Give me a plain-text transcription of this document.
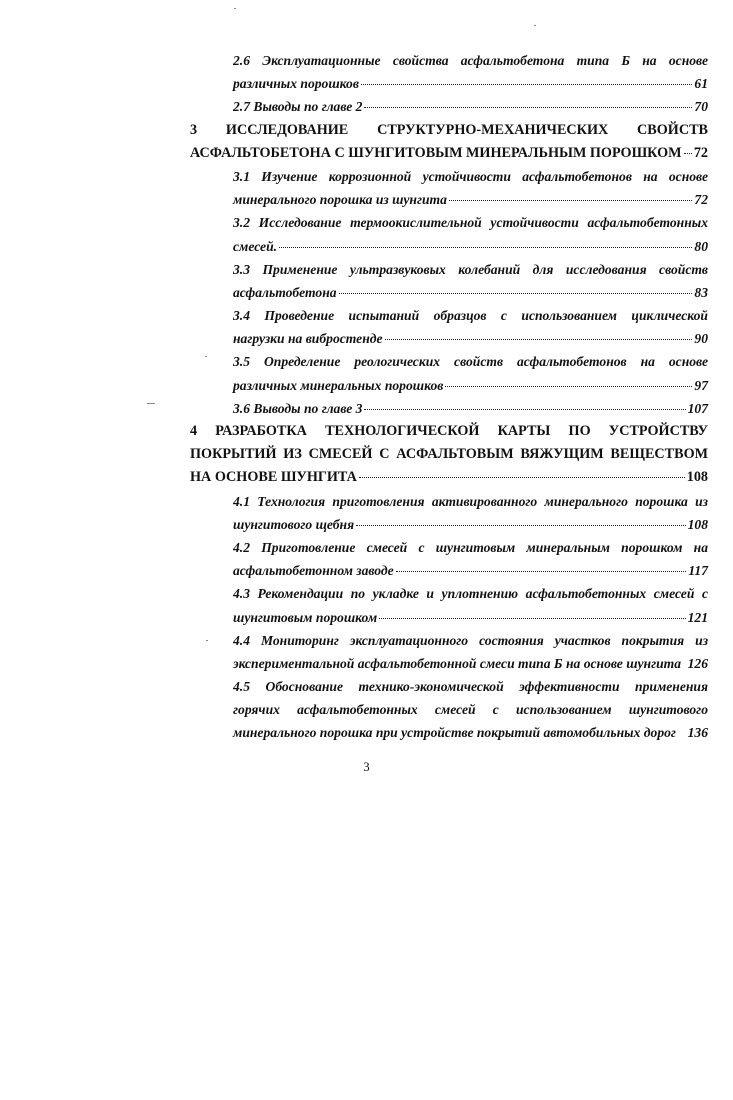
2.6 Эксплуатационные свойства асфальтобетона типа Б на основе
различных порошков	61
2.7 Выводы по главе 2	70
3 ИССЛЕДОВАНИЕ СТРУКТУРНО-МЕХАНИЧЕСКИХ СВОЙСТВ
АСФАЛЬТОБЕТОНА С ШУНГИТОВЫМ МИНЕРАЛЬНЫМ ПОРОШКОМ 72
3.1 Изучение коррозионной устойчивости асфальтобетонов на основе
минерального порошка из шунгита	72
3.2 Исследование термоокислительной устойчивости асфальтобетонных
смесей.	80
3.3 Применение ультразвуковых колебаний для исследования свойств
асфальтобетона	83
3.4 Проведение испытаний образцов с использованием циклической
нагрузки на вибростенде	90
3.5 Определение реологических свойств асфальтобетонов на основе
различных минеральных порошков	97
3.6 Выводы по главе 3	107
4 РАЗРАБОТКА ТЕХНОЛОГИЧЕСКОЙ КАРТЫ ПО УСТРОЙСТВУ
ПОКРЫТИЙ ИЗ СМЕСЕЙ С АСФАЛЬТОВЫМ ВЯЖУЩИМ ВЕЩЕСТВОМ
НА ОСНОВЕ ШУНГИТА	108
4.1 Технология приготовления активированного минерального порошка из
шунгитового щебня	108
4.2 Приготовление смесей с шунгитовым минеральным порошком на
асфальтобетонном заводе	117
4.3 Рекомендации по укладке и уплотнению асфальтобетонных смесей с
шунгитовым порошком	121
4.4 Мониторинг эксплуатационного состояния участков покрытия из
экспериментальной асфальтобетонной смеси типа Б на основе шунгита 126
4.5 Обоснование технико-экономической эффективности применения
горячих асфальтобетонных смесей с использованием шунгитового
минерального порошка при устройстве покрытий автомобильных дорог 136
3
